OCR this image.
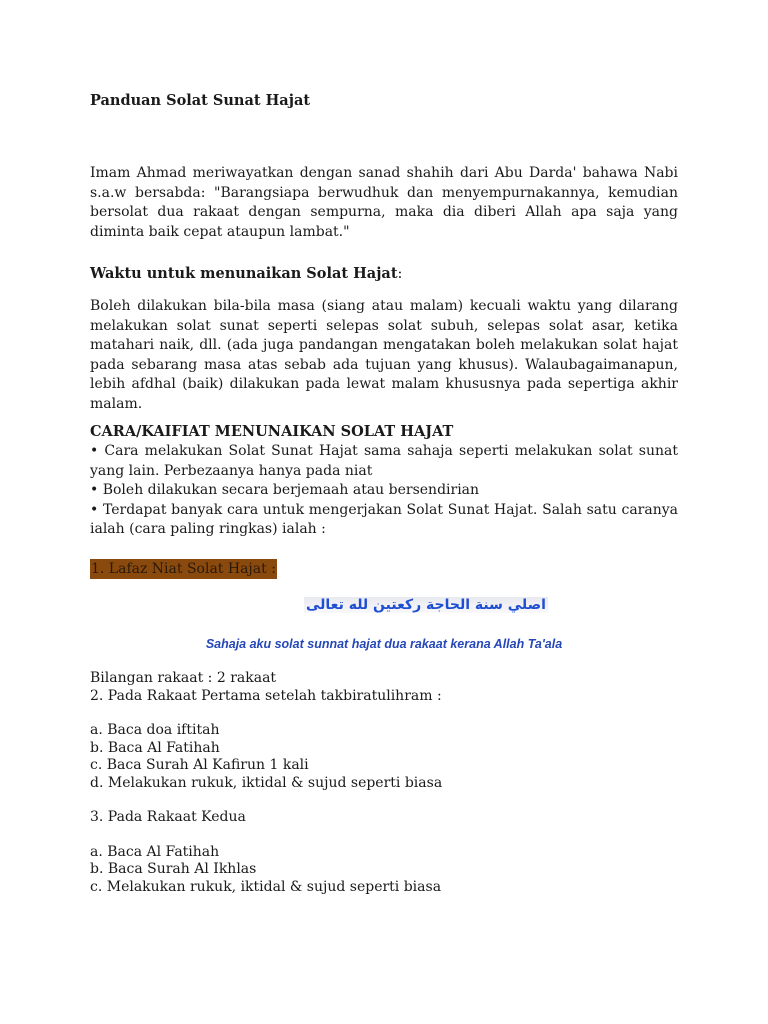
Panduan Solat Sunat Hajat

Imam Ahmad meriwayatkan dengan sanad shahih dari Abu Darda' bahawa Nabi s.a.w bersabda: "Barangsiapa berwudhuk dan menyempurnakannya, kemudian bersolat dua rakaat dengan sempurna, maka dia diberi Allah apa saja yang diminta baik cepat ataupun lambat."

Waktu untuk menunaikan Solat Hajat:

Boleh dilakukan bila-bila masa (siang atau malam) kecuali waktu yang dilarang melakukan solat sunat seperti selepas solat subuh, selepas solat asar, ketika matahari naik, dll. (ada juga pandangan mengatakan boleh melakukan solat hajat pada sebarang masa atas sebab ada tujuan yang khusus). Walaubagaimanapun, lebih afdhal (baik) dilakukan pada lewat malam khususnya pada sepertiga akhir malam.

CARA/KAIFIAT MENUNAIKAN SOLAT HAJAT

• Cara melakukan Solat Sunat Hajat sama sahaja seperti melakukan solat sunat yang lain. Perbezaanya hanya pada niat

• Boleh dilakukan secara berjemaah atau bersendirian

• Terdapat banyak cara untuk mengerjakan Solat Sunat Hajat. Salah satu caranya ialah (cara paling ringkas) ialah :

1. Lafaz Niat Solat Hajat :
اصلي سنة الحاجة ركعتين لله تعالى
Sahaja aku solat sunnat hajat dua rakaat kerana Allah Ta'ala

Bilangan rakaat : 2 rakaat

2. Pada Rakaat Pertama setelah takbiratulihram :

a. Baca doa iftitah

b. Baca Al Fatihah

c. Baca Surah Al Kafirun 1 kali

d. Melakukan rukuk, iktidal & sujud seperti biasa

3. Pada Rakaat Kedua

a. Baca Al Fatihah

b. Baca Surah Al Ikhlas

c. Melakukan rukuk, iktidal & sujud seperti biasa
